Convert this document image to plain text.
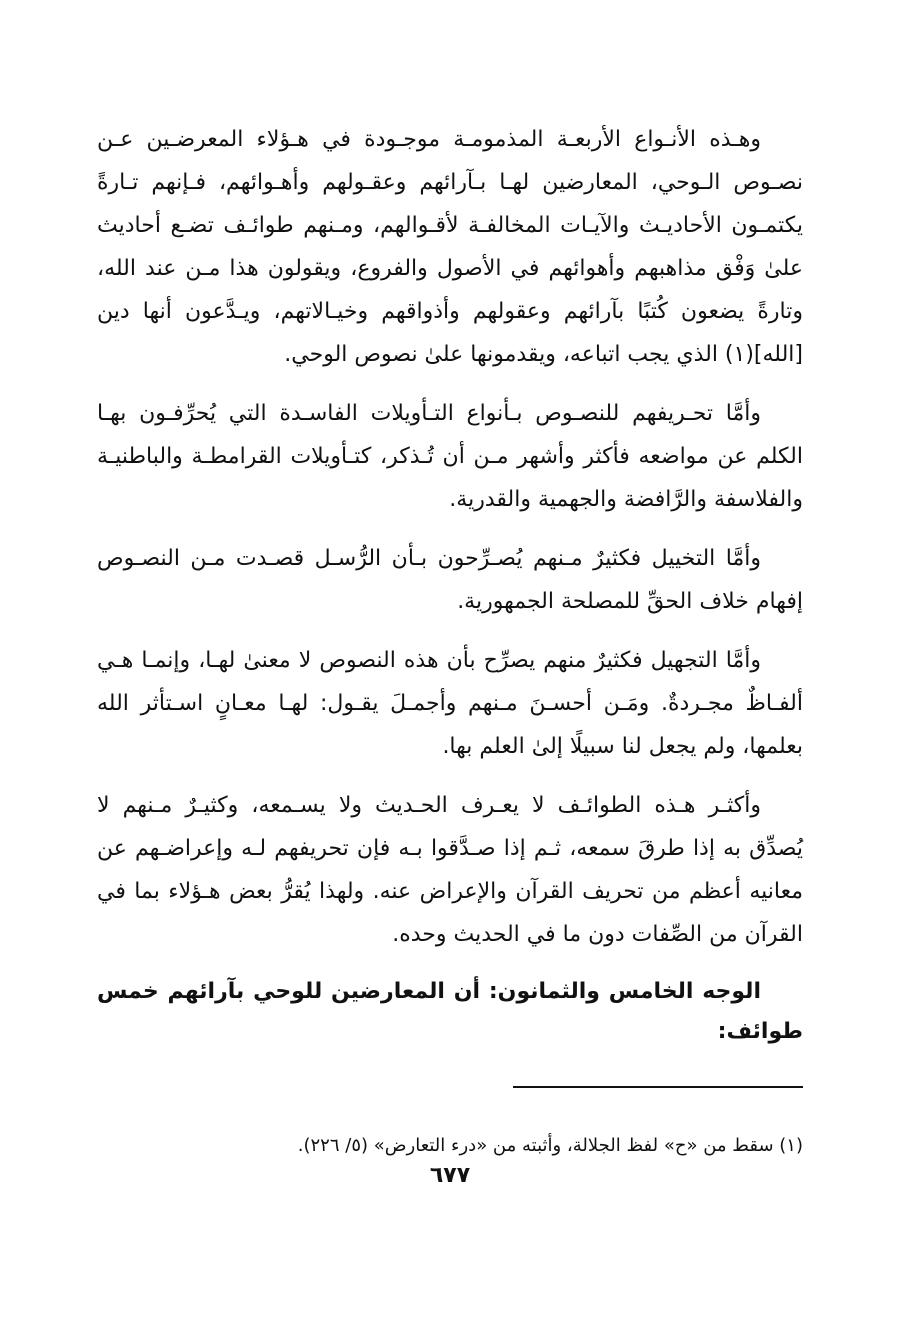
وهـذه الأنـواع الأربعـة المذمومـة موجـودة في هـؤلاء المعرضـين عـن نصـوص الـوحي، المعارضين لهـا بـآرائهم وعقـولهم وأهـوائهم، فـإنهم تـارةً يكتمـون الأحاديـث والآيـات المخالفـة لأقـوالهم، ومـنهم طوائـف تضـع أحاديث علىٰ وَفْق مذاهبهم وأهوائهم في الأصول والفروع، ويقولون هذا مـن عند الله، وتارةً يضعون كُتبًا بآرائهم وعقولهم وأذواقهم وخيـالاتهم، ويـدَّعون أنها دين [الله](١) الذي يجب اتباعه، ويقدمونها علىٰ نصوص الوحي.

وأمَّا تحـريفهم للنصـوص بـأنواع التـأويلات الفاسـدة التي يُحرِّفـون بهـا الكلم عن مواضعه فأكثر وأشهر مـن أن تُـذكر، كتـأويلات القرامطـة والباطنيـة والفلاسفة والرَّافضة والجهمية والقدرية.

وأمَّا التخييل فكثيرٌ مـنهم يُصـرِّحون بـأن الرُّسـل قصـدت مـن النصـوص إفهام خلاف الحقِّ للمصلحة الجمهورية.

وأمَّا التجهيل فكثيرٌ منهم يصرِّح بأن هذه النصوص لا معنىٰ لهـا، وإنمـا هـي ألفـاظٌ مجـردةٌ. ومَـن أحسـنَ مـنهم وأجمـلَ يقـول: لهـا معـانٍ اسـتأثر الله بعلمها، ولم يجعل لنا سبيلًا إلىٰ العلم بها.

وأكثـر هـذه الطوائـف لا يعـرف الحـديث ولا يسـمعه، وكثيـرٌ مـنهم لا يُصدِّق به إذا طرقَ سمعه، ثـم إذا صـدَّقوا بـه فإن تحريفهم لـه وإعراضـهم عن معانيه أعظم من تحريف القرآن والإعراض عنه. ولهذا يُقرُّ بعض هـؤلاء بما في القرآن من الصِّفات دون ما في الحديث وحده.

الوجه الخامس والثمانون: أن المعارضين للوحي بآرائهم خمس طوائف:

(١) سقط من «ح» لفظ الجلالة، وأثبته من «درء التعارض» (٥/ ٢٢٦).

٦٧٧
